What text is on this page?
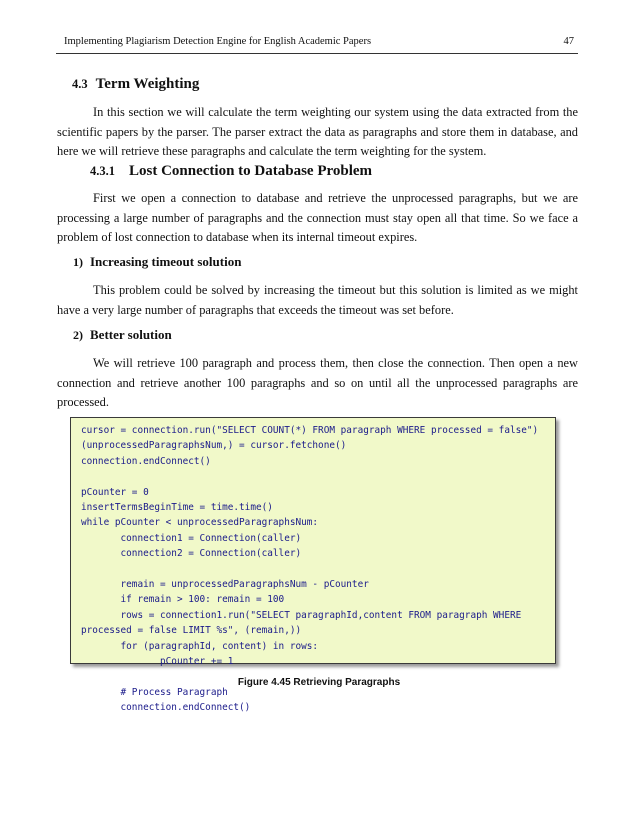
Implementing Plagiarism Detection Engine for English Academic Papers	47
4.3 Term Weighting
In this section we will calculate the term weighting our system using the data extracted from the scientific papers by the parser. The parser extract the data as paragraphs and store them in database, and here we will retrieve these paragraphs and calculate the term weighting for the system.
4.3.1 Lost Connection to Database Problem
First we open a connection to database and retrieve the unprocessed paragraphs, but we are processing a large number of paragraphs and the connection must stay open all that time. So we face a problem of lost connection to database when its internal timeout expires.
1) Increasing timeout solution
This problem could be solved by increasing the timeout but this solution is limited as we might have a very large number of paragraphs that exceeds the timeout was set before.
2) Better solution
We will retrieve 100 paragraph and process them, then close the connection. Then open a new connection and retrieve another 100 paragraphs and so on until all the unprocessed paragraphs are processed.
cursor = connection.run("SELECT COUNT(*) FROM paragraph WHERE processed = false")
(unprocessedParagraphsNum,) = cursor.fetchone()
connection.endConnect()

pCounter = 0
insertTermsBeginTime = time.time()
while pCounter < unprocessedParagraphsNum:
connection1 = Connection(caller)
connection2 = Connection(caller)

remain = unprocessedParagraphsNum - pCounter
if remain > 100: remain = 100
rows = connection1.run("SELECT paragraphId,content FROM paragraph WHERE
processed = false LIMIT %s", (remain,))
for (paragraphId, content) in rows:
pCounter += 1

# Process Paragraph
connection.endConnect()

Figure 4.45 Retrieving Paragraphs
